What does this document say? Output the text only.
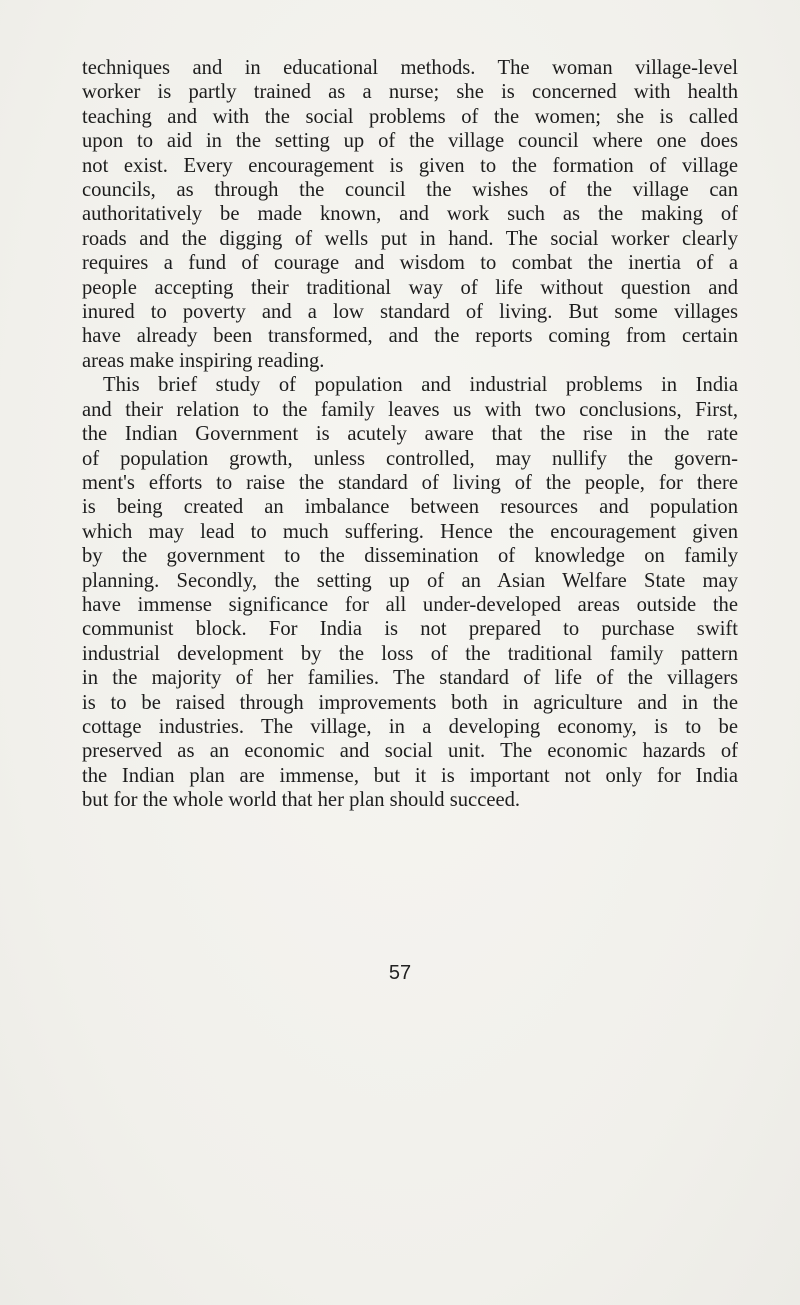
techniques and in educational methods. The woman village-level
worker is partly trained as a nurse; she is concerned with health
teaching and with the social problems of the women; she is called
upon to aid in the setting up of the village council where one does
not exist. Every encouragement is given to the formation of village
councils, as through the council the wishes of the village can
authoritatively be made known, and work such as the making of
roads and the digging of wells put in hand. The social worker clearly
requires a fund of courage and wisdom to combat the inertia of a
people accepting their traditional way of life without question and
inured to poverty and a low standard of living. But some villages
have already been transformed, and the reports coming from certain
areas make inspiring reading.

This brief study of population and industrial problems in India
and their relation to the family leaves us with two conclusions, First,
the Indian Government is acutely aware that the rise in the rate
of population growth, unless controlled, may nullify the govern-
ment's efforts to raise the standard of living of the people, for there
is being created an imbalance between resources and population
which may lead to much suffering. Hence the encouragement given
by the government to the dissemination of knowledge on family
planning. Secondly, the setting up of an Asian Welfare State may
have immense significance for all under-developed areas outside the
communist block. For India is not prepared to purchase swift
industrial development by the loss of the traditional family pattern
in the majority of her families. The standard of life of the villagers
is to be raised through improvements both in agriculture and in the
cottage industries. The village, in a developing economy, is to be
preserved as an economic and social unit. The economic hazards of
the Indian plan are immense, but it is important not only for India
but for the whole world that her plan should succeed.

57
